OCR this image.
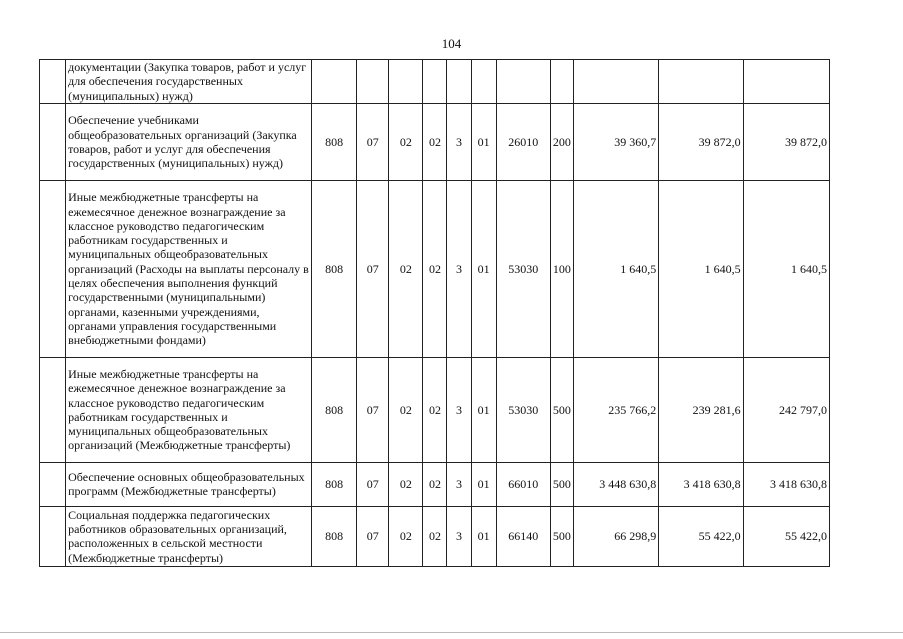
104
	документации (Закупка товаров, работ и услуг для обеспечения государственных (муниципальных) нужд)											
	Обеспечение учебниками общеобразовательных организаций (Закупка товаров, работ и услуг для обеспечения государственных (муниципальных) нужд)	808	07	02	02	3	01	26010	200	39 360,7	39 872,0	39 872,0
	Иные межбюджетные трансферты на ежемесячное денежное вознаграждение за классное руководство педагогическим работникам государственных и муниципальных общеобразовательных организаций (Расходы на выплаты персоналу в целях обеспечения выполнения функций государственными (муниципальными) органами, казенными учреждениями, органами управления государственными внебюджетными фондами)	808	07	02	02	3	01	53030	100	1 640,5	1 640,5	1 640,5
	Иные межбюджетные трансферты на ежемесячное денежное вознаграждение за классное руководство педагогическим работникам государственных и муниципальных общеобразовательных организаций (Межбюджетные трансферты)	808	07	02	02	3	01	53030	500	235 766,2	239 281,6	242 797,0
	Обеспечение основных общеобразовательных программ (Межбюджетные трансферты)	808	07	02	02	3	01	66010	500	3 448 630,8	3 418 630,8	3 418 630,8
	Социальная поддержка педагогических работников образовательных организаций, расположенных в сельской местности (Межбюджетные трансферты)	808	07	02	02	3	01	66140	500	66 298,9	55 422,0	55 422,0
